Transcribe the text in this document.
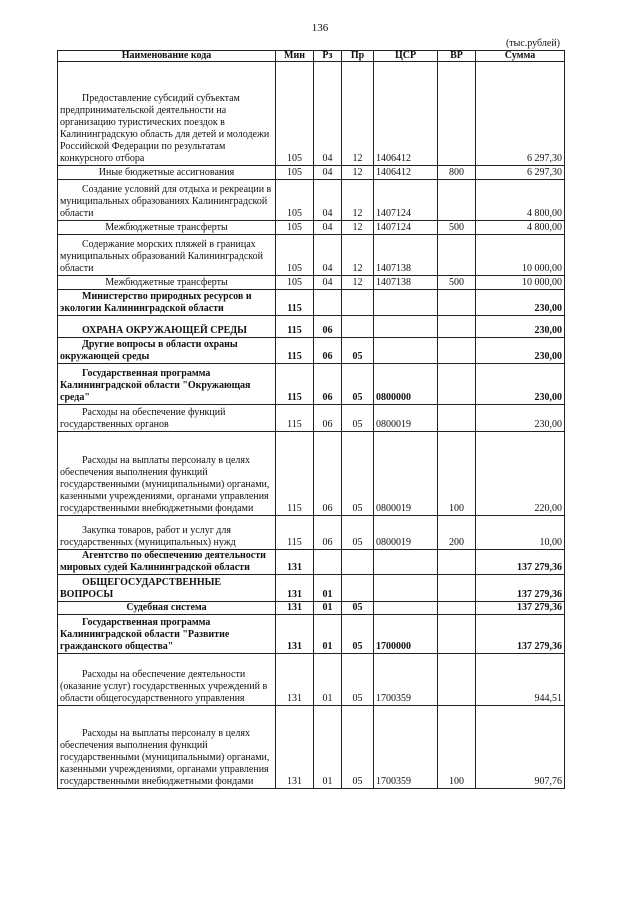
136
(тыс.рублей)
Наименование кода	Мин	Рз	Пр	ЦСР	ВР	Сумма

Предоставление субсидий субъектам предпринимательской деятельности на организацию туристических поездок в Калининградскую область для детей и молодежи Российской Федерации по результатам конкурсного отбора	105	04	12	1406412		6 297,30

Иные бюджетные ассигнования	105	04	12	1406412	800	6 297,30

Создание условий для отдыха и рекреации в муниципальных образованиях Калининградской области	105	04	12	1407124		4 800,00

Межбюджетные трансферты	105	04	12	1407124	500	4 800,00

Содержание морских пляжей в границах муниципальных образований Калининградской области	105	04	12	1407138		10 000,00

Межбюджетные трансферты	105	04	12	1407138	500	10 000,00

Министерство природных ресурсов и экологии Калининградской области	115					230,00

ОХРАНА ОКРУЖАЮЩЕЙ СРЕДЫ	115	06				230,00

Другие вопросы в области охраны окружающей среды	115	06	05			230,00

Государственная программа Калининградской области "Окружающая среда"	115	06	05	0800000		230,00

Расходы на обеспечение функций государственных органов	115	06	05	0800019		230,00

Расходы на выплаты персоналу в целях обеспечения выполнения функций государственными (муниципальными) органами, казенными учреждениями, органами управления государственными внебюджетными фондами	115	06	05	0800019	100	220,00

Закупка товаров, работ и услуг для государственных (муниципальных) нужд	115	06	05	0800019	200	10,00

Агентство по обеспечению деятельности мировых судей Калининградской области	131					137 279,36

ОБЩЕГОСУДАРСТВЕННЫЕ ВОПРОСЫ	131	01				137 279,36

Судебная система	131	01	05			137 279,36

Государственная программа Калининградской области "Развитие гражданского общества"	131	01	05	1700000		137 279,36

Расходы на обеспечение деятельности (оказание услуг) государственных учреждений в области общегосударственного управления	131	01	05	1700359		944,51

Расходы на выплаты персоналу в целях обеспечения выполнения функций государственными (муниципальными) органами, казенными учреждениями, органами управления государственными внебюджетными фондами	131	01	05	1700359	100	907,76
